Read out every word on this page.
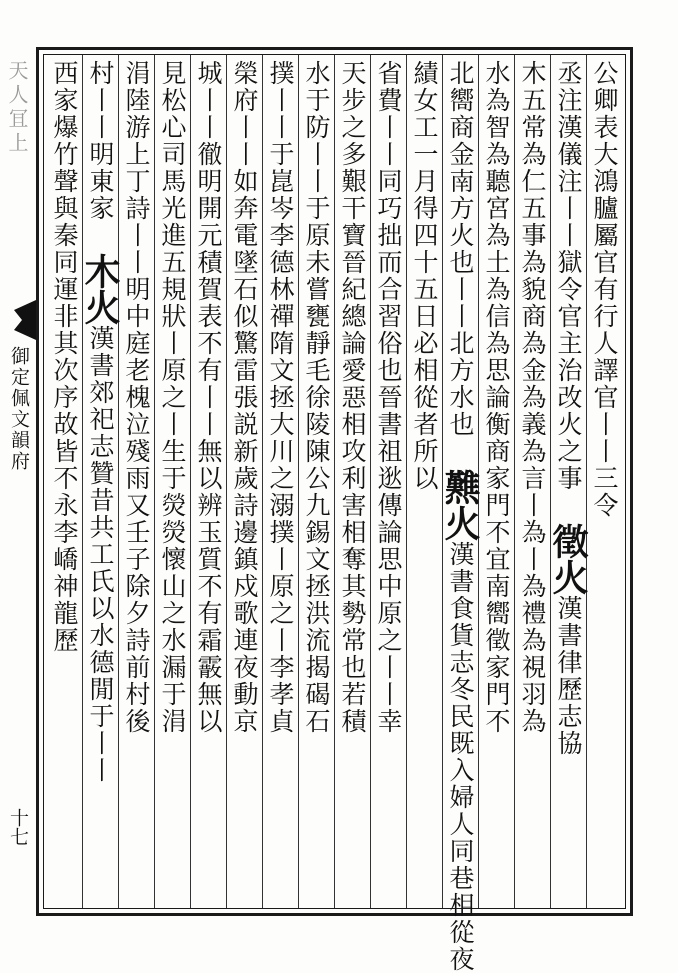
天人冝上
御定佩文韻府
十七
公卿表大鴻臚屬官有行人譯官丨丨三令
丞注漢儀注丨丨獄令官主治改火之事 徵火漢書律歷志協
木五常為仁五事為貌商為金為義為言丨為丨為禮為視羽為
水為智為聽宮為土為信為思論衡商家門不宜南嚮徵家門不
北嚮商金南方火也丨丨北方水也 㸐火漢書食貨志冬民既入婦人同巷相從夜
績女工一月得四十五日必相從者所以
省費丨丨同巧拙而合習俗也晉書祖逖傳論思中原之丨丨幸
天步之多艱干寶晉紀總論愛惡相攻利害相奪其勢常也若積
水于防丨丨于原未嘗甕靜毛徐陵陳公九錫文拯洪流揭碣石
撲丨丨于崑岑李德林禪隋文拯大川之溺撲丨原之丨李孝貞
榮府丨丨如奔電墜石似驚雷張説新歲詩邊鎮戍歌連夜動京
城丨丨徹明開元積賀表不有丨丨無以辨玉質不有霜霰無以
見松心司馬光進五規狀丨原之丨生于熒熒懷山之水漏于涓
涓陸游上丁詩丨丨明中庭老槐泣殘雨又壬子除夕詩前村後
村丨丨明東家 木火漢書郊祀志贊昔共工氏以水德閒于丨丨
西家爆竹聲與秦同運非其次序故皆不永李嶠神龍歷
